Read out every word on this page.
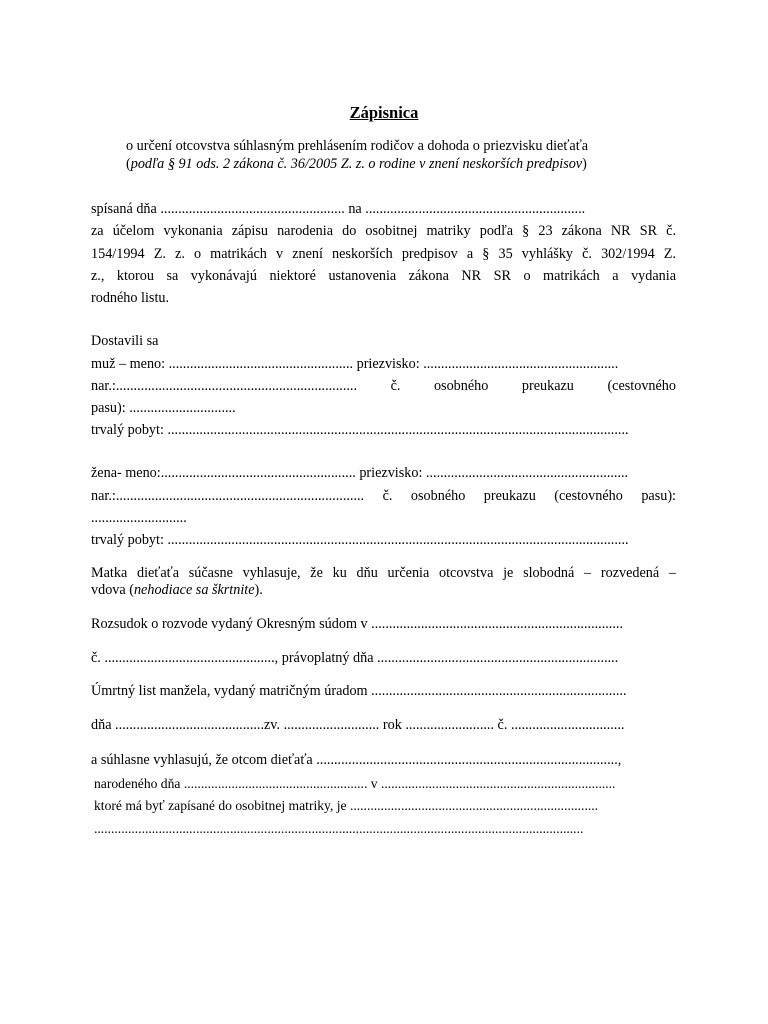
Zápisnica
o určení otcovstva súhlasným prehlásením rodičov a dohoda o priezvisku dieťaťa
(podľa § 91 ods. 2 zákona č. 36/2005 Z. z. o rodine v znení neskorších predpisov)
spísaná dňa .................................................... na ..............................................................
za účelom vykonania zápisu narodenia do osobitnej matriky podľa § 23 zákona NR SR č.
154/1994 Z. z. o matrikách v znení neskorších predpisov a § 35 vyhlášky č. 302/1994 Z.
z., ktorou sa vykonávajú niektoré ustanovenia zákona NR SR o matrikách a vydania
rodného listu.
Dostavili sa
muž – meno: .................................................... priezvisko: .......................................................
nar.:.................................................................... č. osobného preukazu (cestovného
pasu): ..............................
trvalý pobyt: ..................................................................................................................................
žena- meno:....................................................... priezvisko: .........................................................
nar.:...................................................................... č. osobného preukazu (cestovného pasu):
...........................
trvalý pobyt: ..................................................................................................................................
Matka dieťaťa súčasne vyhlasuje, že ku dňu určenia otcovstva je slobodná – rozvedená –
vdova (nehodiace sa škrtnite).
Rozsudok o rozvode vydaný Okresným súdom v .......................................................................
č. ................................................, právoplatný dňa ....................................................................
Úmrtný list manžela, vydaný matričným úradom ........................................................................
dňa ..........................................zv. ........................... rok ......................... č. ................................
a súhlasne vyhlasujú, že otcom dieťaťa .....................................................................................,
narodeného dňa ...................................................... v .....................................................................
ktoré má byť zapísané do osobitnej matriky, je .........................................................................
................................................................................................................................................
